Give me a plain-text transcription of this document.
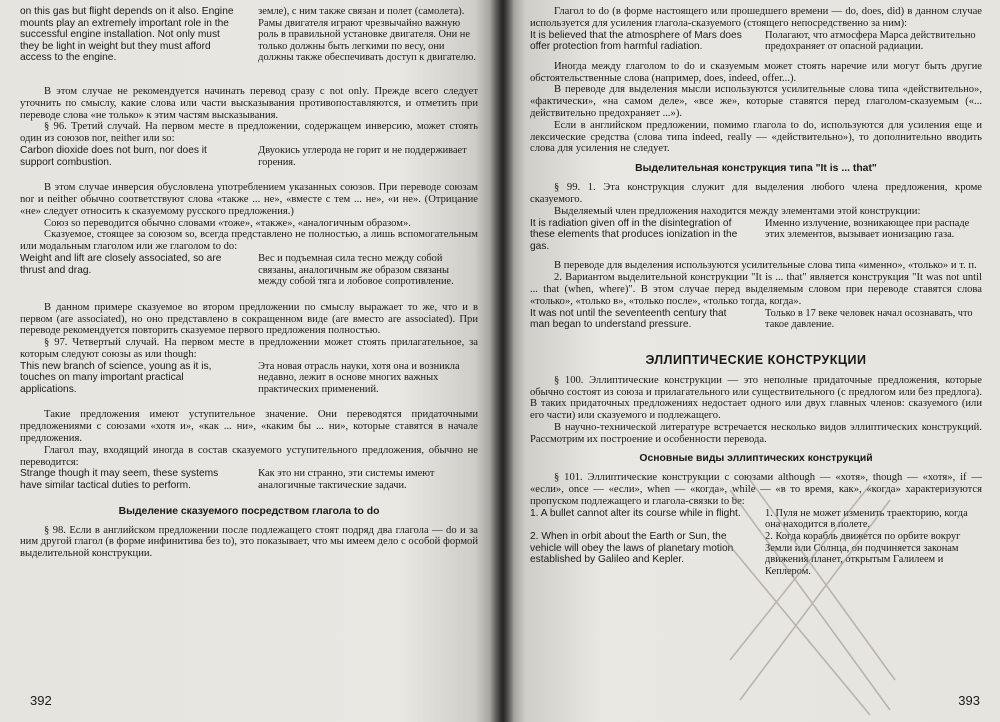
on this gas but flight depends on it also. Engine mounts play an extremely important role in the successful engine installation. Not only must they be light in weight but they must afford access to the engine.
земле), с ним также связан и полет (самолета). Рамы двигателя играют чрезвычайно важную роль в правильной установке двигателя. Они не только должны быть легкими по весу, они должны также обеспечивать доступ к двигателю.

В этом случае не рекомендуется начинать перевод сразу с not only. Прежде всего следует уточнить по смыслу, какие слова или части высказывания противопоставляются, и отметить при переводе слова «не только» к этим частям высказывания.

§ 96. Третий случай. На первом месте в предложении, содержащем инверсию, может стоять один из союзов nor, neither или so:

Carbon dioxide does not burn, nor does it support combustion.
Двуокись углерода не горит и не поддерживает горения.

В этом случае инверсия обусловлена употреблением указанных союзов. При переводе союзам nor и neither обычно соответствуют слова «также ... не», «вместе с тем ... не», «и не». (Отрицание «не» следует относить к сказуемому русского предложения.)

Союз so переводится обычно словами «тоже», «также», «аналогичным образом».

Сказуемое, стоящее за союзом so, всегда представлено не полностью, а лишь вспомогательным или модальным глаголом или же глаголом to do:

Weight and lift are closely associated, so are thrust and drag.
Вес и подъемная сила тесно между собой связаны, аналогичным же образом связаны между собой тяга и лобовое сопротивление.

В данном примере сказуемое во втором предложении по смыслу выражает то же, что и в первом (are associated), но оно представлено в сокращенном виде (are вместо are associated). При переводе рекомендуется повторить сказуемое первого предложения полностью.

§ 97. Четвертый случай. На первом месте в предложении может стоять прилагательное, за которым следуют союзы as или though:

This new branch of science, young as it is, touches on many important practical applications.
Эта новая отрасль науки, хотя она и возникла недавно, лежит в основе многих важных практических применений.

Такие предложения имеют уступительное значение. Они переводятся придаточными предложениями с союзами «хотя и», «как ... ни», «каким бы ... ни», которые ставятся в начале предложения.

Глагол may, входящий иногда в состав сказуемого уступительного предложения, обычно не переводится:

Strange though it may seem, these systems have similar tactical duties to perform.
Как это ни странно, эти системы имеют аналогичные тактические задачи.

Выделение сказуемого посредством глагола to do

§ 98. Если в английском предложении после подлежащего стоят подряд два глагола — do и за ним другой глагол (в форме инфинитива без to), это показывает, что мы имеем дело с особой формой выделительной конструкции.

392

Глагол to do (в форме настоящего или прошедшего времени — do, does, did) в данном случае используется для усиления глагола-сказуемого (стоящего непосредственно за ним):

It is believed that the atmosphere of Mars does offer protection from harmful radiation.
Полагают, что атмосфера Марса действительно предохраняет от опасной радиации.

Иногда между глаголом to do и сказуемым может стоять наречие или могут быть другие обстоятельственные слова (например, does, indeed, offer...).

В переводе для выделения мысли используются усилительные слова типа «действительно», «фактически», «на самом деле», «все же», которые ставятся перед глаголом-сказуемым («... действительно предохраняет ...»).

Если в английском предложении, помимо глагола to do, используются для усиления еще и лексические средства (слова типа indeed, really — «действительно»), то дополнительно вводить слова для усиления не следует.

Выделительная конструкция типа "It is ... that"

§ 99. 1. Эта конструкция служит для выделения любого члена предложения, кроме сказуемого.

Выделяемый член предложения находится между элементами этой конструкции:

It is radiation given off in the disintegration of these elements that produces ionization in the gas.
Именно излучение, возникающее при распаде этих элементов, вызывает ионизацию газа.

В переводе для выделения используются усилительные слова типа «именно», «только» и т. п.

2. Вариантом выделительной конструкции "It is ... that" является конструкция "It was not until ... that (when, where)". В этом случае перед выделяемым словом при переводе ставятся слова «только», «только в», «только после», «только тогда, когда».

It was not until the seventeenth century that man began to understand pressure.
Только в 17 веке человек начал осознавать, что такое давление.

ЭЛЛИПТИЧЕСКИЕ КОНСТРУКЦИИ

§ 100. Эллиптические конструкции — это неполные придаточные предложения, которые обычно состоят из союза и прилагательного или существительного (с предлогом или без предлога). В таких придаточных предложениях недостает одного или двух главных членов: сказуемого (или его части) или сказуемого и подлежащего.

В научно-технической литературе встречается несколько видов эллиптических конструкций. Рассмотрим их построение и особенности перевода.

Основные виды эллиптических конструкций

§ 101. Эллиптические конструкции с союзами although — «хотя», though — «хотя», if — «если», once — «если», when — «когда», while — «в то время, как», «когда» характеризуются пропуском подлежащего и глагола-связки to be:

1. A bullet cannot alter its course while in flight. 1. Пуля не может изменить траекторию, когда она находится в полете.
2. When in orbit about the Earth or Sun, the vehicle will obey the laws of planetary motion established by Galileo and Kepler.
2. Когда корабль движется по орбите вокруг Земли или Солнца, он подчиняется законам движения планет, открытым Галилеем и Кеплером.
393
